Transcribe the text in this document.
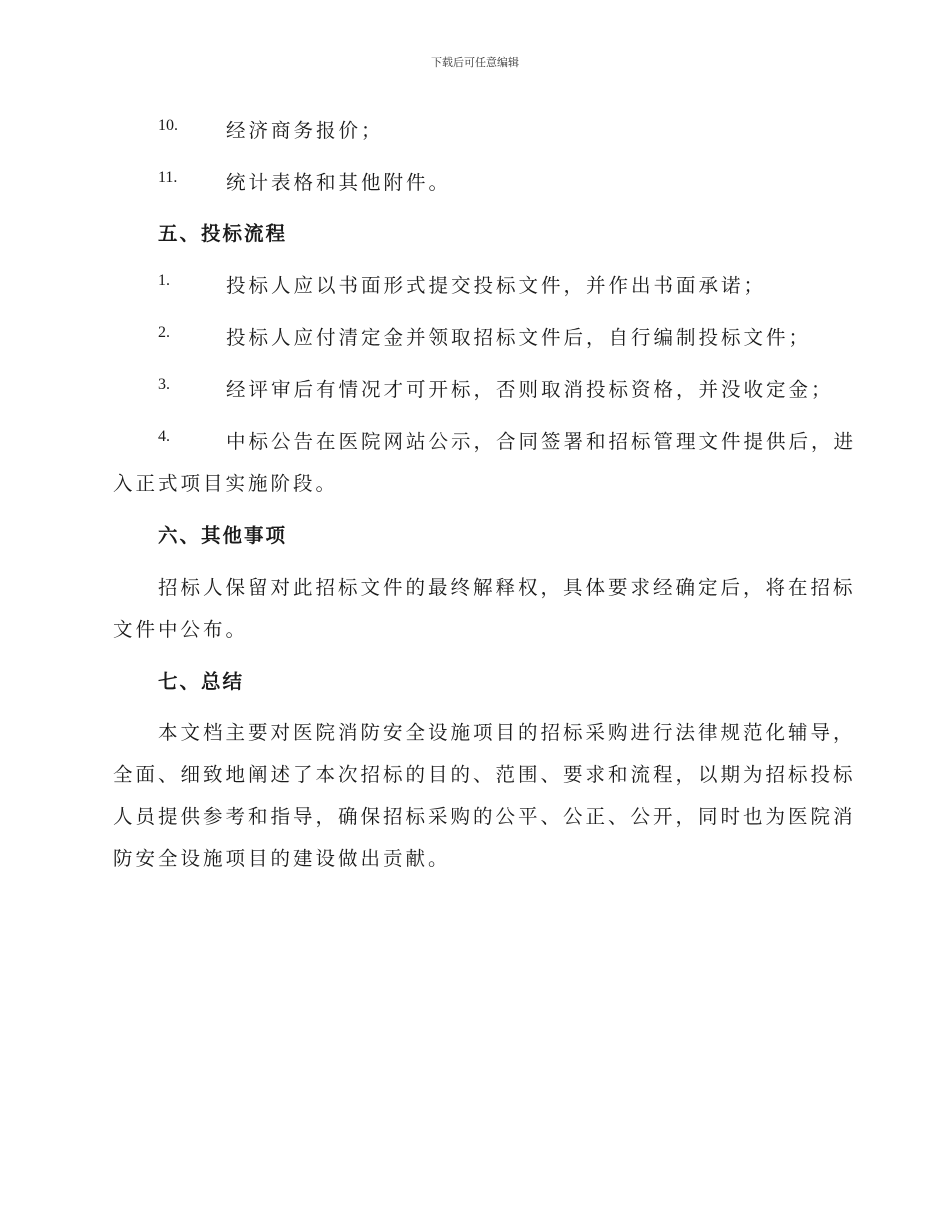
下载后可任意编辑
10. 经济商务报价；
11. 统计表格和其他附件。
五、投标流程
1.	投标人应以书面形式提交投标文件，并作出书面承诺；
2.	投标人应付清定金并领取招标文件后，自行编制投标文件；
3.	经评审后有情况才可开标，否则取消投标资格，并没收定金；
4.	中标公告在医院网站公示，合同签署和招标管理文件提供后，进
入正式项目实施阶段。
六、其他事项
招标人保留对此招标文件的最终解释权，具体要求经确定后，将在招标
文件中公布。
七、总结
本文档主要对医院消防安全设施项目的招标采购进行法律规范化辅导，
全面、细致地阐述了本次招标的目的、范围、要求和流程，以期为招标投标
人员提供参考和指导，确保招标采购的公平、公正、公开，同时也为医院消
防安全设施项目的建设做出贡献。
